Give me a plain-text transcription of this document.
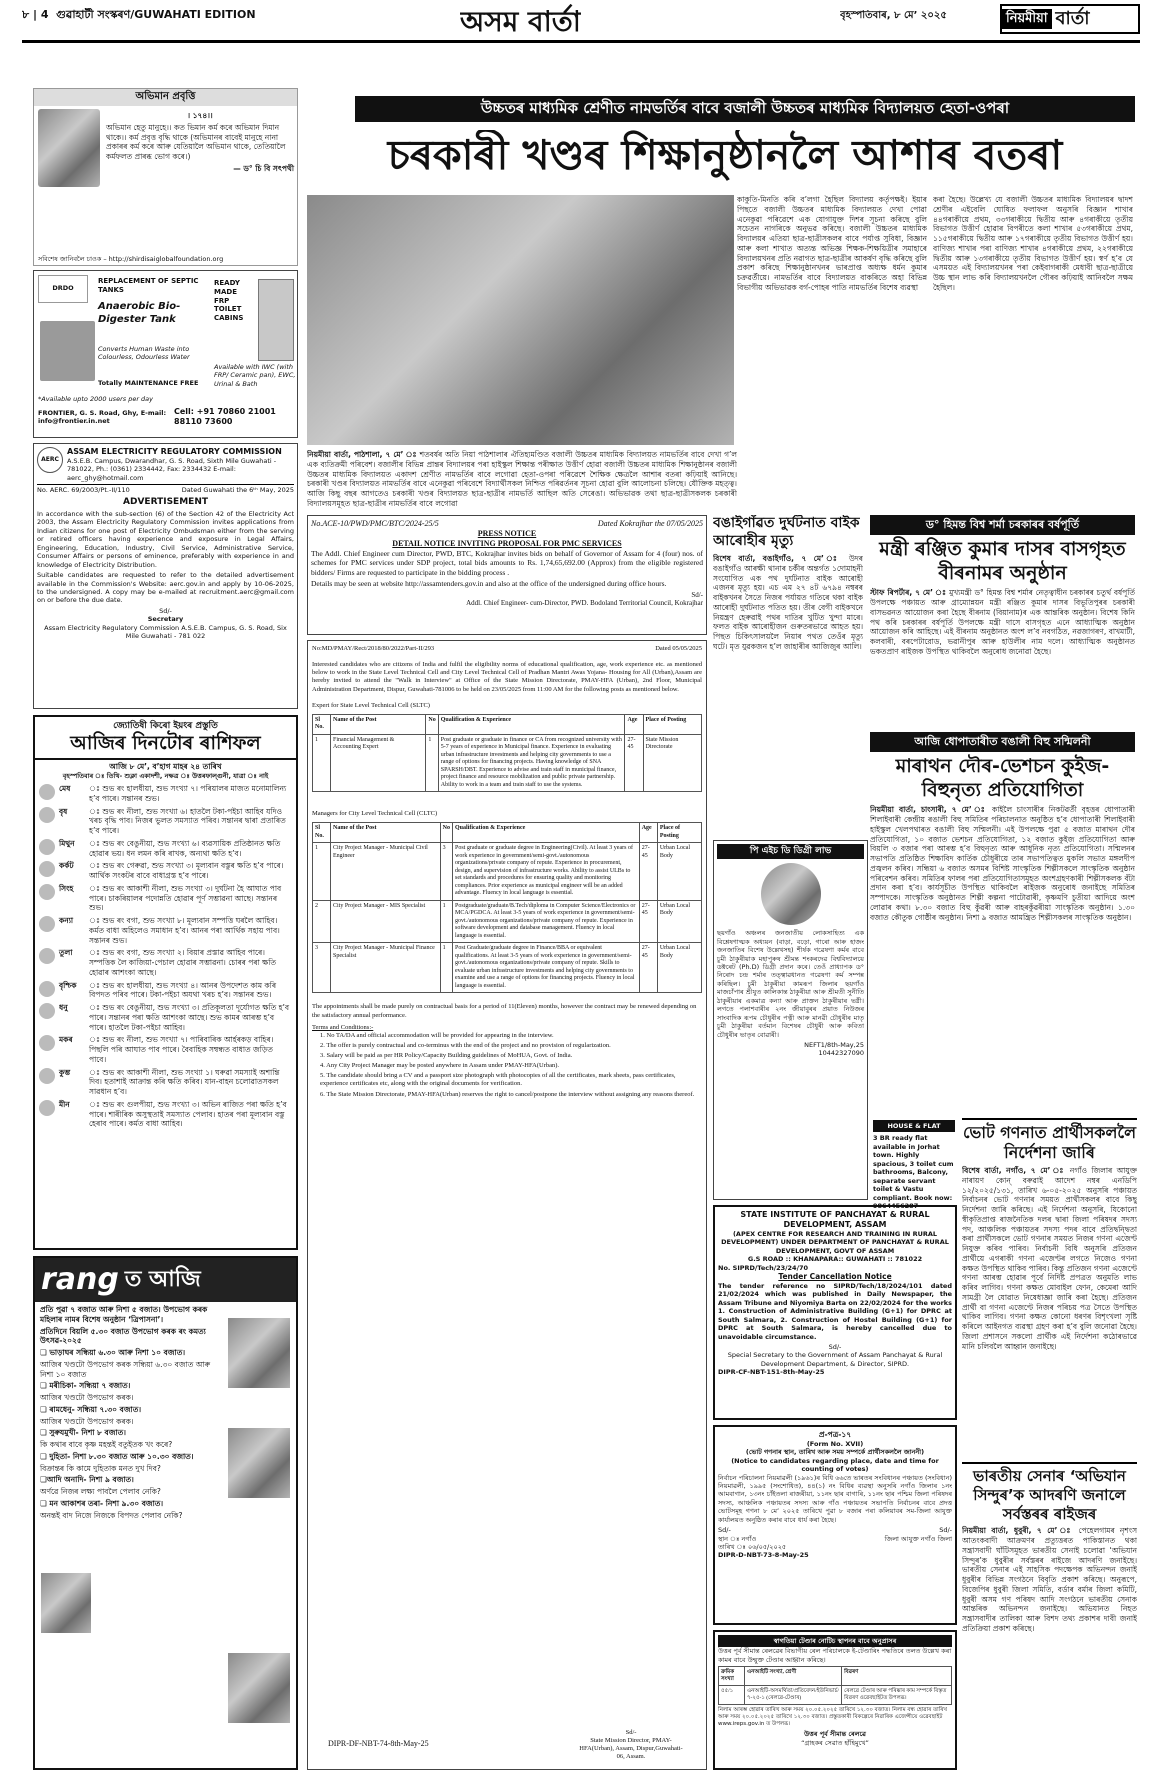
৮ | 4 গুৱাহাটী সংস্কৰণ/GUWAHATI EDITION	অসম বাৰ্তা	বৃহস্পতিবাৰ, ৮ মে’ ২০২৫	নিয়মীয়া বাৰ্তা
অভিমান প্ৰবৃত্তি

। ১৭৪।।

অভিমান হেতু মানুহে।। কত ভিমান কৰ্ম কৰে অভিমান দিমান থাকে।। কৰ্ম প্ৰবৃত্ত বৃদ্ধি থাকে (অভিমানৰ বাবেই মানুহে নানা প্ৰকাৰৰ কৰ্ম কৰে আৰু যেতিয়ালৈ অভিমান থাকে, তেতিয়ালৈ কৰ্মফলত প্ৰাৰব্ধ ভোগ কৰে।)

— ড° চি বি সৎপথী

সবিশেষ জানিবলৈ চাওক – http://shirdisaiglobalfoundation.org
DRDO
REPLACEMENT OF SEPTIC TANKS
Anaerobic Bio-Digester Tank
Converts Human Waste into Colourless, Odourless Water
Totally MAINTENANCE FREE
READY MADE FRP TOILET CABINS
Available with IWC (with FRP/ Ceramic pan), EWC, Urinal & Bath
*Available upto 2000 users per day
FRONTIER, G. S. Road, Ghy, E-mail: info@frontier.in.net
Cell: +91 70860 21001 88110 73600
AERC
ASSAM ELECTRICITY REGULATORY COMMISSION
A.S.E.B. Campus, Dwarandhar, G. S. Road, Sixth Mile Guwahati - 781022, Ph.: (0361) 2334442, Fax: 2334432 E-mail: aerc_ghy@hotmail.com
No. AERC. 69/2003/Pt.-II/110	Dated Guwahati the 6ᵗʰ May, 2025
ADVERTISEMENT

In accordance with the sub-section (6) of the Section 42 of the Electricity Act 2003, the Assam Electricity Regulatory Commission invites applications from Indian citizens for one post of Electricity Ombudsman either from the serving or retired officers having experience and exposure in Legal Affairs, Engineering, Education, Industry, Civil Service, Administrative Service, Consumer Affairs or persons of eminence, preferably with experience in and knowledge of Electricity Distribution.

Suitable candidates are requested to refer to the detailed advertisement available in the Commission's Website: aerc.gov.in and apply by 10-06-2025, to the undersigned. A copy may be e-mailed at recruitment.aerc@gmail.com on or before the due date.

Sd/-
Secretary
Assam Electricity Regulatory Commission A.S.E.B. Campus, G. S. Road, Six Mile Guwahati - 781 022
জ্যোতিষী কিৰো ইয়ংৰ প্ৰস্তুতি
আজিৰ দিনটোৰ ৰাশিফল
আজি ৮ মে’, ব’হাগ মাহৰ ২৪ তাৰিখ
বৃহস্পতিবাৰ ঃ তিথি- শুক্লা একাদশী, নক্ষত্ৰ ঃ উত্তৰফাল্গুনী, যাত্ৰা ঃ নাই
মেষ	ঃ শুভ ৰং হালধীয়া, শুভ সংখ্যা ৭। পৰিয়ালৰ মাজত মনোমালিন্য হ’ব পাৰে। সন্তানৰ শুভ।
বৃষ	ঃ শুভ ৰং নীলা, শুভ সংখ্যা ৬। হাতলৈ টকা-পইচা আহিব যদিও খৰচ বৃদ্ধি পাব। নিজৰ ভুলত সমস্যাত পৰিব। সন্তানৰ দ্বাৰা প্ৰতাৰিত হ’ব পাৰে।
মিথুন	ঃ শুভ ৰং বেঙুনীয়া, শুভ সংখ্যা ৬। ব্যৱসায়িক প্ৰতিষ্ঠানত ক্ষতি হোৱাৰ ভয়। ধন লমন কৰি ৰাখক, অন্যথা ক্ষতি হ’ব।
কৰ্কট	ঃ শুভ ৰং গেৰুৱা, শুভ সংখ্যা ৩। মূল্যবান বস্তুৰ ক্ষতি হ’ব পাৰে। আৰ্থিক সংকটৰ বাবে বাধাগ্ৰস্ত হ’ব পাৰে।
সিংহ	ঃ শুভ ৰং আকাশী নীলা, শুভ সংখ্যা ৩। দুৰ্ঘটনা হৈ আঘাত পাব পাৰে। চাকৰিয়ালৰ পদোন্নতি হোৱাৰ পূৰ্ণ সম্ভাৱনা আছে। সন্তানৰ শুভ।
কন্যা	ঃ শুভ ৰং বগা, শুভ সংখ্যা ৮। মূল্যবান সম্পত্তি ঘৰলৈ আহিব। কৰ্মত বাধা অহিলেও সমাধান হ’ব। আনৰ পৰা আৰ্থিক সহায় পাব। সন্তানৰ শুভ।
তুলা	ঃ শুভ ৰং বগা, শুভ সংখ্যা ২। বিয়াৰ প্ৰস্তাৱ আহিব পাৰে। সম্পত্তিক লৈ কাজিয়া-পেচাল হোৱাৰ সম্ভাৱনা। চোৰৰ পৰা ক্ষতি হোৱাৰ আশংকা আছে।
বৃশ্চিক	ঃ শুভ ৰং হালধীয়া, শুভ সংখ্যা ৪। আনৰ উপদেশত কাম কৰি বিপদত পৰিব পাৰে। টকা-পইচা অযথা খৰচ হ’ব। সন্তানৰ শুভ।
ধনু	ঃ শুভ ৰং বেঙুনীয়া, শুভ সংখ্যা ৩। প্ৰতিকূলতা দূৰ্যোগত ক্ষতি হ’ব পাৰে। সন্তানৰ পৰা ক্ষতি আশংকা আছে। শুভ কামৰ আৰম্ভ হ’ব পাৰে। হাতলৈ টকা-পইচা আহিব।
মকৰ	ঃ শুভ ৰং নীলা, শুভ সংখ্যা ৭। পাৰিবাৰিক আৰ্হৰকড় বাহিৰ। পিছলি পৰি আঘাত পাব পাৰে। বৈবাহিক সম্বন্ধত বাধাত জড়িত পাবে।
কুম্ভ	ঃ শুভ ৰং আকাশী নীলা, শুভ সংখ্যা ১। ঘৰুৱা সমস্যাই অশান্তি দিব। হতাশাই আক্ৰান্ত কৰি ক্ষতি কৰিব। যান-বাহন চলোৱাতসকল সাৱধান হ’ব।
মীন	ঃ শুভ ৰং গুলপীয়া, শুভ সংখ্যা ৩। অভিন ৰাজিত পৰা ক্ষতি হ’ব পাৰে। শাৰীৰিক অসুস্থতাই সমস্যাত পেলাব। হাতৰ পৰা মূল্যবান বস্তু হেৰাব পাৰে। কৰ্মত বাধা আহিব।
rang ত আজি

প্ৰতি পুৱা ৭ বজাত আৰু নিশা ৫ বজাত। উপভোগ কৰক মহিলাৰ নামৰ বিশেষ অনুষ্ঠান ‘ত্ৰিপাসনা’।

প্ৰতিদিনে বিয়লি ৫.৩০ বজাত উপভোগ কৰক ৰং কমত্য উৎসৱ-২০২৫

❏ ভাড়াঘৰ সন্ধিয়া ৬.৩০ আৰু নিশা ১০ বজাত।

আজিৰ খণ্ডটো উপভোগ কৰক সন্ধিয়া ৬.৩০ বজাত আৰু নিশা ১০ বজাত

❏ মৰীচিকা- সন্ধিয়া ৭ বজাত।

আজিৰ খণ্ডটো উপভোগ কৰক।

❏ ৰামধেনু- সন্ধিয়া ৭.৩০ বজাত।

আজিৰ খণ্ডটো উপভোগ কৰক।

❏ সুৰুযমুখী- নিশা ৮ বজাত।

কি কথাৰ বাবে কৃষ্ণ মহন্তই বতুইতক খং কৰে?

❏ দুহিতা- নিশা ৮.৩০ বজাত আৰু ১০.৩০ বজাত।

বিক্ৰান্তৰ কি কামে দুহিতাক মনত দুখ দিব?

❏আদি অনাদি- নিশা ৯ বজাত।

অৰ্ণৱে নিজৰ লক্ষ্য পাবলৈ পেলাব নেকি?

❏ মন আকাশৰ তৰা- নিশা ৯.৩০ বজাত।

অনন্তই বাদ নিজে নিজকে বিপদত পেলাব নেকি?

উচ্চতৰ মাধ্যমিক শ্ৰেণীত নামভৰ্তিৰ বাবে বজালী উচ্চতৰ মাধ্যমিক বিদ্যালয়ত হেতা-ওপৰা
চৰকাৰী খণ্ডৰ শিক্ষানুষ্ঠানলৈ আশাৰ বতৰা
কাকুতি-মিনতি কৰি ব’লগা হৈছিল বিদ্যালয় কৰ্তৃপক্ষই। ইয়াৰ পিছতে বজালী উচ্চতৰ মাধ্যমিক বিদ্যালয়ত দেখা পোৱা এনেকুৱা পৰিৱেশে এক যোগাযুক্ত দিশৰ সূচনা কৰিছে বুলি সচেতন নাগৰিকে অনুভৱ কৰিছে। বজালী উচ্চতৰ মাধ্যমিক বিদ্যালয়ৰ এতিয়া ছাত্ৰ-ছাত্ৰীসকলৰ বাবে পৰ্যাপ্ত সুবিধা, বিজ্ঞান আৰু কলা শাখাত অত্যন্ত অভিজ্ঞ শিক্ষক-শিক্ষয়িত্ৰীৰ সমাহাৰে বিদ্যালয়খনৰ প্ৰতি নৱাগত ছাত্ৰ-ছাত্ৰীৰ আকৰ্ষণ বৃদ্ধি কৰিছে বুলি প্ৰকাশ কৰিছে শিক্ষানুষ্ঠানখনৰ ভাৰপ্ৰাপ্ত অধ্যক্ষ ধৰ্মন কুমাৰ চক্ৰৱৰ্তীয়ে। নামভৰ্তিৰ বাবে বিদ্যালয়ত বাকৰিতে অহা বিভিন্ন বিভাগীয় অভিভাৱক বৰ্গ-পোহৰ পাতি নামভৰ্তিৰ বিশেষ ব্যৱস্থা
কৰা হৈছে। উল্লেখ্য যে বজালী উচ্চতৰ মাধ্যমিক বিদ্যালয়ৰ দ্বাদশ শ্ৰেণীৰ এইবেলি ঘোষিত ফলাফল অনুসৰি বিজ্ঞান শাখাৰ ৪৪গৰাকীয়ে প্ৰথম, ৩৩গৰাকীয়ে দ্বিতীয় আৰু ৪গৰাকীয়ে তৃতীয় বিভাগত উত্তীৰ্ণ হোৱাৰ বিপৰীতে কলা শাখাৰ ৫৩গৰাকীয়ে প্ৰথম, ১১৫গৰাকীয়ে দ্বিতীয় আৰু ১৭গৰাকীয়ে তৃতীয় বিভাগত উত্তীৰ্ণ হয়। বাণিজ্য শাখাৰ পৰা বাণিজ্য শাখাৰ ৪গৰাকীয়ে প্ৰথম, ২২গৰাকীয়ে দ্বিতীয় আৰু ১৩গৰাকীয়ে তৃতীয় বিভাগত উত্তীৰ্ণ হয়। স্বৰ্ণ হ’ব যে এসময়ত এই বিদ্যালয়খনৰ পৰা কেইবাগৰাকী মেধাবী ছাত্ৰ-ছাত্ৰীয়ে উচ্চ স্থান লাভ কৰি বিদ্যালয়খনলৈ গৌৰব কঢ়িয়াই আনিবলৈ সক্ষম হৈছিল।
নিয়মীয়া বাৰ্তা, পাঠশালা, ৭ মে’ ঃ শতবৰ্ষৰ অতি নিয়া পাঠশালাৰ ঐতিহ্যমণ্ডিত বজালী উচ্চতৰ মাধ্যমিক বিদ্যালয়ত নামভৰ্তিৰ বাবে দেখা গ’ল এক ব্যতিক্ৰমী পৰিবেশ। বজালীৰ বিভিন্ন প্ৰান্তৰ বিদ্যালয়ৰ পৰা হাইস্কুল শিক্ষান্ত পৰীক্ষাত উত্তীৰ্ণ হোৱা বজালী উচ্চতৰ মাধ্যমিক শিক্ষানুষ্ঠানৰ বজালী উচ্চতৰ মাধ্যমিক বিদ্যালয়ত একাদশ শ্ৰেণীত নামভৰ্তিৰ বাবে লগোৱা হেতা-ওপৰা পৰিৱেশে শৈক্ষিক ক্ষেত্ৰলৈ আশাৰ বতৰা কঢ়িয়াই আনিছে। চৰকাৰী খণ্ডৰ বিদ্যালয়ত নামভৰ্তিৰ বাবে এনেকুৱা পৰিবেশে বিদ্যাৰ্থীসকল নিশ্চিত পৰিৱৰ্তনৰ সূচনা হোৱা বুলি আলোচনা চলিছে। যৌক্তিক মহত্ত্ব। আজি কিছু বছৰ আগতেও চৰকাৰী খণ্ডৰ বিদ্যালয়ত ছাত্ৰ-ছাত্ৰীৰ নামভৰ্তি আছিল অতি সেৰেঙা। অভিভাৱক তথা ছাত্ৰ-ছাত্ৰীসকলক চৰকাৰী বিদ্যালয়সমূহত ছাত্ৰ-ছাত্ৰীৰ নামভৰ্তিৰ বাবে লগোৱা
No.ACE-10/PWD/PMC/BTC/2024-25/5	Dated Kokrajhar the 07/05/2025
PRESS NOTICE
DETAIL NOTICE INVITING PROPOSAL FOR PMC SERVICES

The Addl. Chief Engineer cum Director, PWD, BTC, Kokrajhar invites bids on behalf of Governor of Assam for 4 (four) nos. of schemes for PMC services under SDP project, total bids amounts to Rs. 1,74,65,692.00 (Approx) from the eligible registered bidders/ Firms are requested to participate in the bidding process .

Details may be seen at website http://assamtenders.gov.in and also at the office of the undersigned during office hours.

Sd/-
Addl. Chief Engineer- cum-Director, PWD. Bodoland Territorial Council, Kokrajhar
No:MD/PMAY/Rect/2018/80/2022/Part-II/293	Dated 05/05/2025

Interested candidates who are citizens of India and fulfil the eligibility norms of educational qualification, age, work experience etc. as mentioned below to work in the State Level Technical Cell and City Level Technical Cell of Pradhan Mantri Awas Yojana- Housing for All (Urban),Assam are hereby invited to attend the "Walk in Interview" at Office of the State Mission Directorate, PMAY-HFA (Urban), 2nd Floor, Municipal Administration Department, Dispur, Guwahati-781006 to be held on 23/05/2025 from 11:00 AM for the following posts as mentioned below.

Expert for State Level Technical Cell (SLTC)
Sl No.	Name of the Post	No	Qualification & Experience	Age	Place of Posting
1	Financial Management & Accounting Expert	1	Post graduate or graduate in finance or CA from recognized university with 5-7 years of experience in Municipal finance. Experience in evaluating urban infrastructure investments and helping city governments to use a range of options for financing projects. Having knowledge of SNA SPARSH/DBT. Experience to advise and train staff in municipal finance, project finance and resource mobilization and public private partnership. Ability to work in a team and train staff to use the systems.	27-45	State Mission Directorate
Managers for City Level Technical Cell (CLTC)
Sl No.	Name of the Post	No	Qualification & Experience	Age	Place of Posting
1	City Project Manager - Municipal Civil Engineer	3	Post graduate or graduate degree in Engineering(Civil). At least 3 years of work experience in government/semi-govt./autonomous organizations/private company of repute. Experience in procurement, design, and supervision of infrastructure works. Ability to assist ULBs to set standards and procedures for ensuring quality and monitoring compliances. Prior experience as municipal engineer will be an added advantage. Fluency in local language is essential.	27-45	Urban Local Body
2	City Project Manager - MIS Specialist	1	Postgraduate/graduate/B.Tech/diploma in Computer Science/Electronics or MCA/PGDCA. At least 3-5 years of work experience in government/semi-govt./autonomous organizations/private company of repute. Experience in software development and database management. Fluency in local language is essential.	27-45	Urban Local Body
3	City Project Manager - Municipal Finance Specialist	1	Post Graduate/graduate degree in Finance/BBA or equivalent qualifications. At least 3-5 years of work experience in government/semi-govt./autonomous organizations/private company of repute. Skills to evaluate urban infrastructure investments and helping city governments to examine and use a range of options for financing projects. Fluency in local language is essential.	27-45	Urban Local Body

The appointments shall be made purely on contractual basis for a period of 11(Eleven) months, however the contract may be renewed depending on the satisfactory annual performance.

Terms and Conditions:-

1. No TA/DA and official accommodation will be provided for appearing in the interview.

2. The offer is purely contractual and co-terminus with the end of the project and no provision of regularization.

3. Salary will be paid as per HR Policy/Capacity Building guidelines of MoHUA, Govt. of India.

4. Any City Project Manager may be posted anywhere in Assam under PMAY-HFA(Urban).

5. The candidate should bring a CV and a passport size photograph with photocopies of all the certificates, mark sheets, pass certificates, experience certificates etc, along with the original documents for verification.

6. The State Mission Directorate, PMAY-HFA(Urban) reserves the right to cancel/postpone the interview without assigning any reasons thereof.

DIPR-DF-NBT-74-8th-May-25
Sd/-
State Mission Director, PMAY-HFA(Urban), Assam, Dispur,Guwahati-06, Assam.
বঙাইগাঁৱত দুৰ্ঘটনাত বাইক আৰোহীৰ মৃত্যু

বিশেষ বাৰ্তা, বঙাইগাঁও, ৭ মে’ ঃ উদৰ বঙাইগাঁও আৰক্ষী থানাৰ চৰ্কীৰ অন্তৰ্গত ১দোমাহনী সংযোগিত এক পথ দুৰ্ঘটনাত বাইক আৰোহী এজনৰ মৃত্যু হয়। এচ এম ২৭ ৪ট ৬৭৯৪ নম্বৰৰ বাইকখনৰ সৈতে নিজৰ পৰ্যায়ত গতিৰে থকা বাইক আৰোহী দুৰ্ঘটনাত পতিত হয়। তীৰ বেগী বাইকখনে নিয়ন্ত্ৰণ হেৰুৱাই পথৰ দাতিৰ খুটিত খুন্দা মাৰে। ফলত বাইক আৰোহীজন গুৰুতৰভাৱে আহত হয়। পিছত চিকিৎসালয়লৈ নিয়াৰ পথত তেওঁৰ মৃত্যু ঘটে। মৃত যুৱকজন হ’ল জাহাৰীৰ আজিজুৰ আলি।

পি এইচ ডি ডিগ্ৰী লাভ

ছয়গাঁও অঞ্চলৰ জনজাতীয় লোকসাহিত্য এক বিশ্লেষণাত্মক অধ্যয়ন (বাড়া, বড়ো, গাৰো আৰু হাজং জনজাতিৰ বিশেষ উল্লেখসহ) শীৰ্ষক গৱেষণা কৰ্মৰ বাবে চুমী ঠাকুৰীয়াক মহাপুৰুষ শ্ৰীমন্ত শংকৰদেৱ বিশ্ববিদ্যালয়ে ডক্টৰেট (Ph.D) ডিগ্ৰী প্ৰদান কৰে। তেওঁ প্ৰাধ্যাপক ড° নিৰোদ চন্দ্ৰ শৰ্মাৰ তত্ত্বাৱধানত গৱেষণা কৰ্ম সম্পন্ন কৰিছিল। চুমী ঠাকুৰীয়া কামৰূপ জিলাৰ ছয়গাঁও মাজচাঁপাৰ শ্ৰীযুত কালিকান্ত ঠাকুৰীয়া আৰু শ্ৰীমতী সুনীতি ঠাকুৰীয়াৰ একমাত্ৰ কন্যা আৰু প্ৰাক্তন ঠাকুৰীয়াৰ ভগ্নী। লগতে পলাশবাৰীৰ ২নং জীয়াবুৰৰ প্ৰয়াত নিউজৰ সাংবাদিক ৰূপম চৌধুৰীৰ পত্নী আৰু মানৱী চৌধুৰীৰ মাতৃ চুমী ঠাকুৰীয়া বৰ্তমান বিশেষৰ চৌধুৰী আৰু কবিতা চৌধুৰীৰ ভাতৃৰ বোৱাৰী।

NEFT1/8th-May,25
10442327090
ড° হিমন্ত বিশ্ব শৰ্মা চৰকাৰৰ বৰ্ষপূৰ্তি
মন্ত্ৰী ৰঞ্জিত কুমাৰ দাসৰ বাসগৃহত বীৰনামৰ অনুষ্ঠান

স্টাফ ৰিপৰ্টাৰ, ৭ মে’ ঃ মুখ্যমন্ত্ৰী ড° হিমন্ত বিশ্ব শৰ্মাৰ নেতৃত্বাধীন চৰকাৰৰ চতুৰ্থ বৰ্ষপূৰ্তি উপলক্ষে পঞ্চায়ত আৰু গ্ৰাম্যোন্নয়ন মন্ত্ৰী ৰঞ্জিত কুমাৰ দাসৰ বিভূতিপুৰৰ চৰকাৰী বাসভৱনত আয়োজন কৰা হৈছে বীৰনাম (বিয়ানাম)ৰ এক আন্তৰিক অনুষ্ঠান। বিশেষ কিনি পথ কৰি চৰকাৰৰ বৰ্ষপূৰ্তি উপলক্ষে মন্ত্ৰী দাসে বাসগৃহত এনে আধ্যাত্মিক অনুষ্ঠান আয়োজন কৰি আহিছে। এই বীৰনাম অনুষ্ঠানত অংশ ল’ব নবগঠিত, নৱজাগৰণ, বাখমাটী, কলবাৰী, বৰপেটারোড, ভৱানীপুৰ আৰু হাউলীৰ নাম দলে। আধ্যাত্মিক অনুষ্ঠানত ভকতপ্ৰাণ ৰাইজক উপস্থিত থাকিবলৈ অনুৰোধ জনোৱা হৈছে।

আজি ধোপাতাৰীত বঙালী বিহু সন্মিলনী
মাৰাথন দৌৰ-ভেশচন কুইজ-বিহুনৃত্য প্ৰতিযোগিতা

নিয়মীয়া বাৰ্তা, চাংসাৰী, ৭ মে’ ঃ কাইলৈ চাংসাৰীৰ নিকটৱৰ্তী বৃহত্তৰ ধোপাতাৰী শিলাইবাৰী কেন্দ্ৰীয় ৰঙালী বিহু সমিতিৰ পৰিচালনাত অনুষ্ঠিত হ’ব ধোপাতাৰী শিলাইবাৰী হাইস্কুল খেলপথাৰত বঙালী বিহু সন্মিলনী। এই উপলক্ষে পুৱা ৫ বজাত মাৰাথন দৌৰ প্ৰতিযোগিতা, ১০ বজাত ভেশচন প্ৰতিযোগিতা, ১২ বজাত কুইজ প্ৰতিযোগিতা আৰু বিয়লি ৩ বজাৰ পৰা আৰম্ভ হ’ব বিহুনৃত্য আৰু আধুনিক নৃত্য প্ৰতিযোগিতা। সন্মিলনৰ সভাপতি প্ৰতিষ্ঠিত শিক্ষাবিদ কাৰ্তিক চৌধুৰীয়ে তাৰ সভাপতিত্বত মুকলি সভাত মঙ্গলদীপ প্ৰজ্বলন কৰিব। সন্ধিয়া ৬ বজাত অসমৰ বিশিষ্ট সাংস্কৃতিক শিল্পীসকলে সাংস্কৃতিক অনুষ্ঠান পৰিবেশন কৰিব। সমিতিৰ ফালৰ পৰা প্ৰতিযোগিতাসমূহত অংশগ্ৰহণকাৰী শিল্পীসকলক বঁটা প্ৰদান কৰা হ’ব। কাৰ্যসূচীত উপস্থিত থাকিবলৈ ৰাইজক অনুৰোধ জনাইছে সমিতিৰ সম্পাদকে। সাংস্কৃতিক অনুষ্ঠানত শিল্পী কল্পনা পাটোৱাৰী, কৃষ্ণমণি চুতীয়া আদিয়ে অংশ লোৱাৰ কথা। ৮.৩০ বজাত বিহু কুঁৱৰী আৰু বাহৰকুঁৱৰীয়া সাংস্কৃতিক অনুষ্ঠান। ১.৩০ বজাত কৌতুক গোষ্ঠীৰ অনুষ্ঠান। নিশা ৯ বজাত আমন্ত্ৰিত শিল্পীসকলৰ সাংস্কৃতিক অনুষ্ঠান।

HOUSE & FLAT

3 BR ready flat available in Jorhat town. Highly spacious, 3 toilet cum bathrooms, Balcony, separate servant toilet & Vastu compliant. Book now: 9864456287

ভোট গণনাত প্ৰাৰ্থীসকললৈ নিৰ্দেশনা জাৰি

বিশেষ বাৰ্তা, নগাঁও, ৭ মে’ ঃ নগাঁও জিলাৰ আযুক্ত নাৰায়ণ কোন্‌ বৰুৱাই আদেশ নম্বৰ এনডিপি ১২/২০২৫/১৩১, তাৰিখ ৬-০৫-২০২৫ অনুসৰি পঞ্চায়ত নিৰ্বাচনৰ ভোট গণনাৰ সময়ত প্ৰাৰ্থীসকলৰ বাবে কিছু নিৰ্দেশনা জাৰি কৰিছে। এই নিৰ্দেশনা অনুসৰি, যিকোনো স্বীকৃতিপ্ৰাপ্ত ৰাজনৈতিক দলৰ দ্বাৰা জিলা পৰিষদৰ সদস্য পদ, আঞ্চলিক পঞ্চায়তৰ সদস্য পদৰ বাবে প্ৰতিদ্বন্দ্বিতা কৰা প্ৰাৰ্থীসকলে ভোট গণনাৰ সময়ত নিজৰ গণনা এজেণ্ট নিযুক্ত কৰিব পাৰিব। নিৰ্বাচনী বিধি অনুসৰি প্ৰতিজন প্ৰাৰ্থীয়ে এগৰাকী গণনা এজেণ্টৰ লগতে নিজেও গণনা কক্ষত উপস্থিত থাকিব পাৰিব। কিন্তু প্ৰতিজন গণনা এজেণ্টে গণনা আৰম্ভ হোৱাৰ পূৰ্বে নিৰ্দিষ্ট প্ৰপত্ৰত অনুমতি লাভ কৰিব লাগিব। গণনা কক্ষত মোবাইল ফোন, কেমেৰা আদি সামগ্ৰী লৈ যোৱাত নিষেধাজ্ঞা জাৰি কৰা হৈছে। প্ৰতিজন প্ৰাৰ্থী বা গণনা এজেণ্টে নিজৰ পৰিচয় পত্ৰ সৈতে উপস্থিত থাকিব লাগিব। গণনা কক্ষত কোনো ধৰণৰ বিশৃংখলা সৃষ্টি কৰিলে আইনগত ব্যৱস্থা গ্ৰহণ কৰা হ’ব বুলি জনোৱা হৈছে। জিলা প্ৰশাসনে সকলো প্ৰাৰ্থীক এই নিৰ্দেশনা কঠোৰভাৱে মানি চলিবলৈ আহ্বান জনাইছে।

ভাৰতীয় সেনাৰ ‘অভিযান সিন্দুৰ’ক আদৰণি জনালে সৰ্বস্তৰৰ ৰাইজৰ

নিয়মীয়া বাৰ্তা, ধুবুৰী, ৭ মে’ ঃ পেহেলগামৰ নৃশংস আতংকবাদী আক্ৰমণৰ প্ৰত্যুত্তৰত পাকিস্তানত থকা সন্ত্ৰাসবাদী ঘাঁটিসমূহত ভাৰতীয় সেনাই চলোৱা ‘অভিযান সিন্দুৰ’ক ধুবুৰীৰ সৰ্বস্তৰৰ ৰাইজে আদৰণি জনাইছে। ভাৰতীয় সেনাৰ এই সাহসিক পদক্ষেপক অভিনন্দন জনাই ধুবুৰীৰ বিভিন্ন সংগঠনে বিবৃতি প্ৰকাশ কৰিছে। অনুৰূপে, বিজেপিৰ ধুবুৰী জিলা সমিতি, বৰ্ডাৰ বৰ্মাৰ জিলা কমিটি, ধুবুৰী অসম গণ পৰিষদ আদি সংগঠনে ভাৰতীয় সেনাক আন্তৰিক অভিনন্দন জনাইছে। অভিযানত নিহত সন্ত্ৰাসবাদীৰ তালিকা আৰু বিশদ তথ্য প্ৰকাশৰ দাবী জনাই প্ৰতিক্ৰিয়া প্ৰকাশ কৰিছে।

STATE INSTITUTE OF PANCHAYAT & RURAL DEVELOPMENT, ASSAM
(APEX CENTRE FOR RESEARCH AND TRAINING IN RURAL DEVELOPMENT) UNDER DEPARTMENT OF PANCHAYAT & RURAL DEVELOPMENT, GOVT OF ASSAM
G.S ROAD :: KHANAPARA:: GUWAHATI :: 781022
No. SIPRD/Tech/23/24/70
Tender Cancellation Notice

The tender reference no SIPRD/Tech/18/2024/101 dated 21/02/2024 which was published in Daily Newspaper, the Assam Tribune and Niyomiya Barta on 22/02/2024 for the works 1. Construction of Administrative Building (G+1) for DPRC at South Salmara, 2. Construction of Hostel Building (G+1) for DPRC at South Salmara, is hereby cancelled due to unavoidable circumstance.

Sd/-
Special Secretary to the Government of Assam Panchayat & Rural Development Department, & Director, SIPRD.
DIPR-CF-NBT-151-8th-May-25
প্ৰ-পত্ৰ-১৭
(Form No. XVII)
(ভোট গণনাৰ স্থান, তাৰিখ আৰু সময় সম্পৰ্কে প্ৰাৰ্থীসকললৈ জাননী)
(Notice to candidates regarding place, date and time for counting of votes)

নিৰ্বাচন পৰিচালনা নিয়মাৱলী (১৯৬১)ৰ বিধি ৬৬তে ভাৰতৰ সংবিধানৰ পঞ্চায়ত (সংবিধান) নিয়মাৱলী, ১৯৯৫ (সংশোধিত), ৪৪(১) নং বিধিৰ ব্যৱস্থা অনুসৰি নগাঁও জিলাৰ ১নং আমবাগান, ১৩নং চাঁইতলা ৰাজৰীয়া, ১১নং ছাৰ বাগাৰি, ১১নং ছাৰ পশ্চিম জিলা পৰিষদৰ সদস্য, আঞ্চলিক পঞ্চায়তৰ সদস্য আৰু গাঁও পঞ্চায়তৰ সভাপতি নিৰ্বাচনৰ বাবে প্ৰদত্ত ভোটসমূহ গণনা ৮ মে’ ২০২৫ তাৰিখে পুৱা ৮ বজাৰ পৰা কলিয়াবৰ সম-জিলা আযুক্ত কাৰ্যালয়ত অনুষ্ঠিত কৰাৰ বাবে ধাৰ্য কৰা হৈছে।

Sd/-	Sd/-
স্থান ঃ নগাঁও
তাৰিখ ঃ ০৬/০৫/২০২৫
জিলা আযুক্ত নগাঁও জিলা
DIPR-D-NBT-73-8-May-25
স্বাগতিয়া টেণ্ডাৰ নোটিচ স্থাপনৰ বাবে অনুপ্ৰাসৰ

উত্তৰ পূৰ্ব সীমান্ত ৰেলৱেৰ বিভাগীয় ৰেল পৰিচালকে ই-টেণ্ডাৰিং পদ্ধতিৰে তলত উল্লেখ কৰা কামৰ বাবে উন্মুক্ত টেণ্ডাৰ আহ্বান কৰিছে।

ক্ৰমিক সংখ্যা	এনআইটি সংখ্যা, শ্ৰেণী	বিৱৰণ
৫৫/১	এনআইটি-অসমৰ্থিতা/প্ৰতিবেদন/ইউনিভাৰ্চ/৭-২৫-১ (ৰেলৱে-টেণ্ডাৰ)	ৰেলৱে টেণ্ডাৰ আৰু পৰিষ্কাৰ কাম সম্পৰ্কে বিস্তৃত বিৱৰণ ওৱেবছাইটত উপলব্ধ।

নিলাম আৰম্ভ হোৱাৰ তাৰিখ আৰু সময় ২০.০৫.২০২৫ তাৰিখে ১২.৩০ বজাত। নিলাম বন্ধ হোৱাৰ তাৰিখ আৰু সময় ২০.০৫.২০২৫ তাৰিখে ১২.৩০ বজাত। প্ৰস্তুতকাৰী বিকল্পেৰে নিৱাৰিক এজেন্সীয়ে ওৱেবছাইট www.ireps.gov.in ত উপলব্ধ।

উত্তৰ পূৰ্ব সীমান্ত ৰেলৱে
“গ্ৰাহকৰ সেৱাত হাঁহিমুখে”
